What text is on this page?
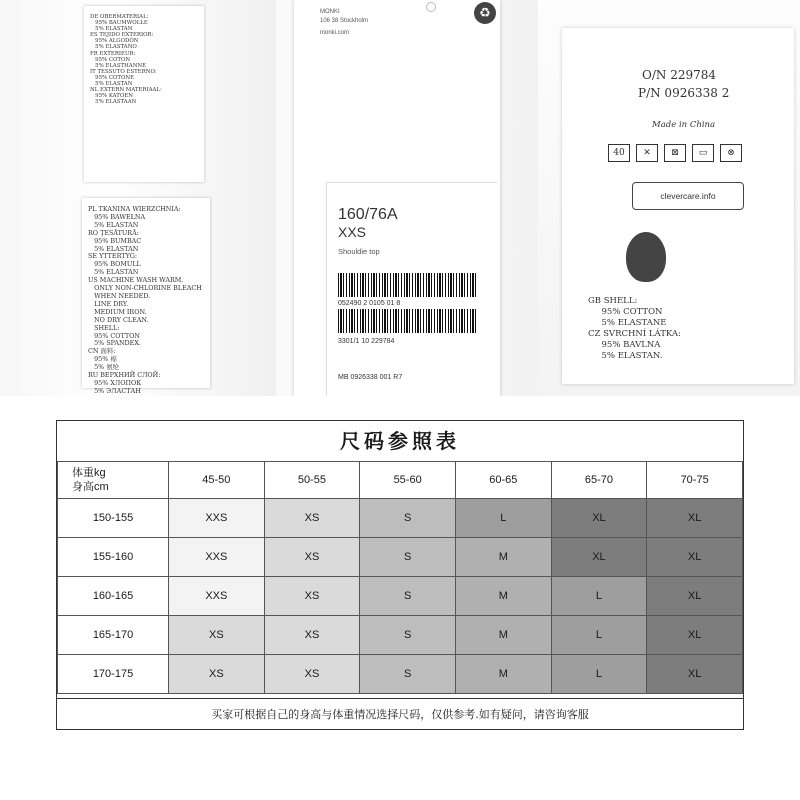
DE OBERMATERIAL:
95% BAUMWOLLE
5% ELASTAN
ES TEJIDO EXTERIOR:
95% ALGODÓN
5% ELASTANO
FR EXTERIEUR:
95% COTON
5% ELASTHANNE
IT TESSUTO ESTERNO:
95% COTONE
5% ELASTAN
NL EXTERN MATERIAAL:
95% KATOEN
5% ELASTAAN
PL TKANINA WIERZCHNIA:
95% BAWEŁNA
5% ELASTAN
RO ŢESĂTURĂ:
95% BUMBAC
5% ELASTAN
SE YTTERTYG:
95% BOMULL
5% ELASTAN
US MACHINE WASH WARM.
ONLY NON-CHLORINE BLEACH
WHEN NEEDED.
LINE DRY.
MEDIUM IRON.
NO DRY CLEAN.
SHELL:
95% COTTON
5% SPANDEX.
CN 面料:
95% 棉
5% 氨纶
RU ВЕРХНИЙ СЛОЙ:
95% ХЛОПОК
5% ЭЛАСТАН
MONKI
106 38 Stockholm
monki.com
♻
160/76A
XXS
Shouldie top
052490 2 0105 01 8
3301/1 10 229784
MB 0926338 001 R7
O/N 229784
P/N 0926338 2
Made in China
40	✕	⊠	▭	⊗
clevercare.info
GB SHELL:
95% COTTON
5% ELASTANE
CZ SVRCHNÍ LÁTKA:
95% BAVLNA
5% ELASTAN.
尺码参照表
体重kg
身高cm	45-50	50-55	55-60	60-65	65-70	70-75
150-155	XXS	XS	S	L	XL	XL
155-160	XXS	XS	S	M	XL	XL
160-165	XXS	XS	S	M	L	XL
165-170	XS	XS	S	M	L	XL
170-175	XS	XS	S	M	L	XL
买家可根据自己的身高与体重情况选择尺码，仅供参考.如有疑问，请咨询客服
